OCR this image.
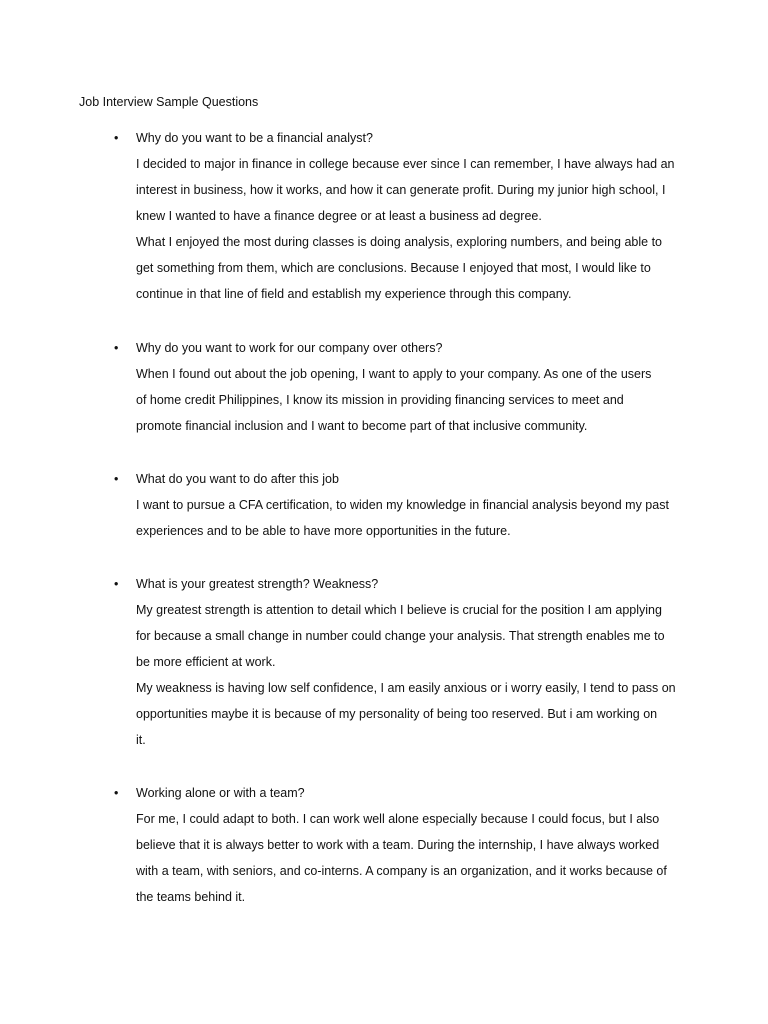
Job Interview Sample Questions
• Why do you want to be a financial analyst?
I decided to major in finance in college because ever since I can remember, I have always had an
interest in business, how it works, and how it can generate profit. During my junior high school, I
knew I wanted to have a finance degree or at least a business ad degree.
What I enjoyed the most during classes is doing analysis, exploring numbers, and being able to
get something from them, which are conclusions. Because I enjoyed that most, I would like to
continue in that line of field and establish my experience through this company.
• Why do you want to work for our company over others?
When I found out about the job opening, I want to apply to your company. As one of the users
of home credit Philippines, I know its mission in providing financing services to meet and
promote financial inclusion and I want to become part of that inclusive community.
• What do you want to do after this job
I want to pursue a CFA certification, to widen my knowledge in financial analysis beyond my past
experiences and to be able to have more opportunities in the future.
• What is your greatest strength? Weakness?
My greatest strength is attention to detail which I believe is crucial for the position I am applying
for because a small change in number could change your analysis. That strength enables me to
be more efficient at work.
My weakness is having low self confidence, I am easily anxious or i worry easily, I tend to pass on
opportunities maybe it is because of my personality of being too reserved. But i am working on
it.
• Working alone or with a team?
For me, I could adapt to both. I can work well alone especially because I could focus, but I also
believe that it is always better to work with a team. During the internship, I have always worked
with a team, with seniors, and co-interns. A company is an organization, and it works because of
the teams behind it.
